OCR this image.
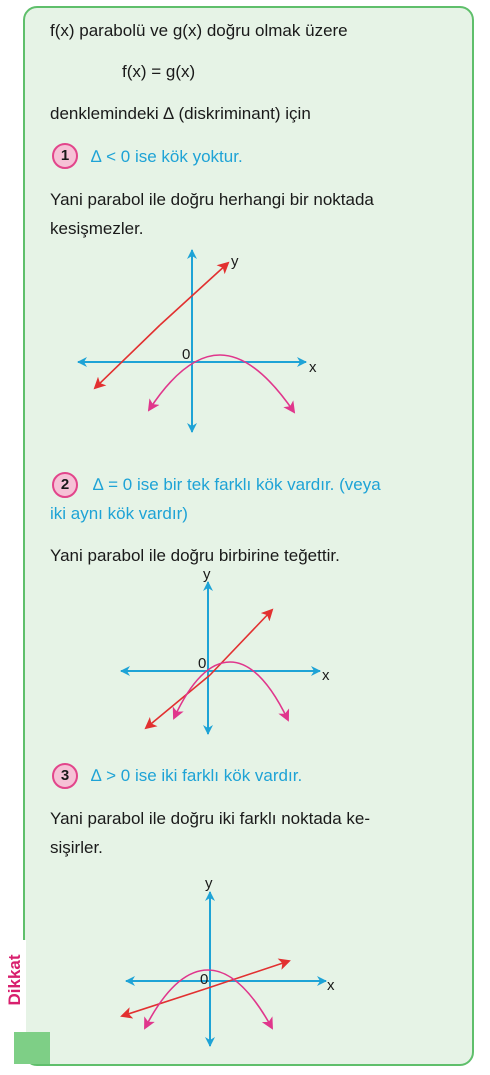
f(x) parabolü ve g(x) doğru olmak üzere
f(x) = g(x)
denklemindeki ∆ (diskriminant) için
1	∆ < 0 ise kök yoktur.
Yani parabol ile doğru herhangi bir noktada
kesişmezler.
x
y
0
x
y
0
x
y
0
2	∆ = 0 ise bir tek farklı kök vardır. (veya
iki aynı kök vardır)
Yani parabol ile doğru birbirine teğettir.
3	∆ > 0 ise iki farklı kök vardır.
Yani parabol ile doğru iki farklı noktada ke-
sişirler.
Dikkat
